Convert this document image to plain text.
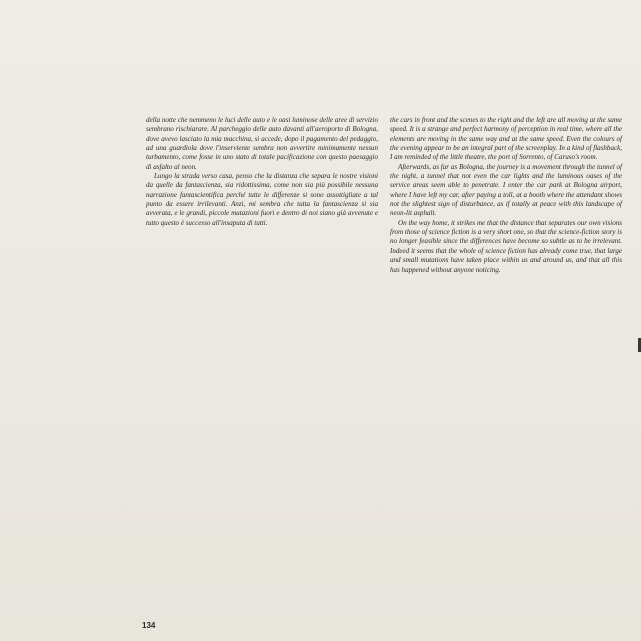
della notte che nemmeno le luci delle auto e le oasi luminose delle aree di servizio sembrano rischiarare. Al parcheggio delle auto davanti all'aeroporto di Bologna, dove avevo lasciato la mia macchina, si accede, dopo il pagamento del pedaggio, ad una guardiola dove l'inserviente sembra non avvertire minimamente nessun turbamento, come fosse in uno stato di totale pacificazione con questo paesaggio di asfalto al neon.

Lungo la strada verso casa, penso che la distanza che separa le nostre visioni da quelle da fantascienza, sia ridottissima, come non sia più possibile nessuna narrazione fantascientifica perché tutte le differenze si sono assottigliate a tal punto da essere irrilevanti. Anzi, mi sembra che tutta la fantascienza si sia avverata, e le grandi, piccole mutazioni fuori e dentro di noi siano già avvenute e tutto questo è successo all'insaputa di tutti.

the cars in front and the scenes to the right and the left are all moving at the same speed. It is a strange and perfect harmony of perception in real time, where all the elements are moving in the same way and at the same speed. Even the colours of the evening appear to be an integral part of the screenplay. In a kind of flashback, I am reminded of the little theatre, the port of Sorrento, of Caruso's room.

Afterwards, as far as Bologna, the journey is a movement through the tunnel of the night, a tunnel that not even the car lights and the luminous oases of the service areas seem able to penetrate. I enter the car park at Bologna airport, where I have left my car, after paying a toll, at a booth where the attendant shows not the slightest sign of disturbance, as if totally at peace with this landscape of neon-lit asphalt.

On the way home, it strikes me that the distance that separates our own visions from those of science fiction is a very short one, so that the science-fiction story is no longer feasible since the differences have become so subtle as to be irrelevant. Indeed it seems that the whole of science fiction has already come true, that large and small mutations have taken place within us and around us, and that all this has happened without anyone noticing.

134
